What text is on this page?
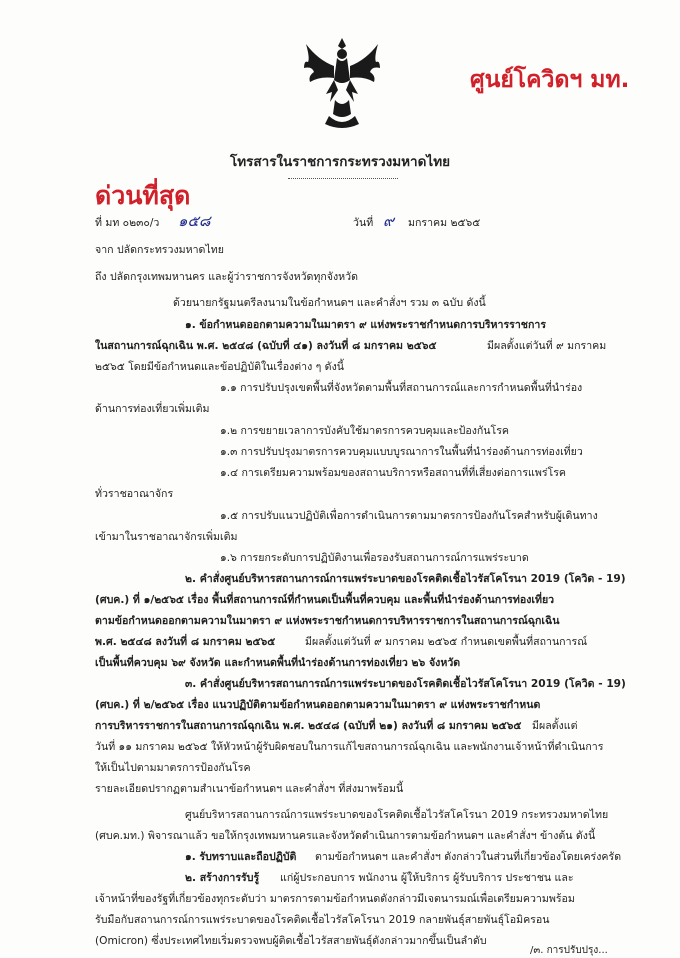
ศูนย์โควิดฯ มท.
โทรสารในราชการกระทรวงมหาดไทย
ด่วนที่สุด
ที่ มท ๐๒๓๐/ว ๑๕๘	วันที่ ๙ มกราคม ๒๕๖๕
จาก ปลัดกระทรวงมหาดไทย
ถึง ปลัดกรุงเทพมหานคร และผู้ว่าราชการจังหวัดทุกจังหวัด
ด้วยนายกรัฐมนตรีลงนามในข้อกำหนดฯ และคำสั่งฯ รวม ๓ ฉบับ ดังนี้
๑. ข้อกำหนดออกตามความในมาตรา ๙ แห่งพระราชกำหนดการบริหารราชการ
ในสถานการณ์ฉุกเฉิน พ.ศ. ๒๕๔๘ (ฉบับที่ ๔๑) ลงวันที่ ๘ มกราคม ๒๕๖๕	มีผลตั้งแต่วันที่ ๙ มกราคม
๒๕๖๕ โดยมีข้อกำหนดและข้อปฏิบัติในเรื่องต่าง ๆ ดังนี้
๑.๑ การปรับปรุงเขตพื้นที่จังหวัดตามพื้นที่สถานการณ์และการกำหนดพื้นที่นำร่อง
ด้านการท่องเที่ยวเพิ่มเติม
๑.๒ การขยายเวลาการบังคับใช้มาตรการควบคุมและป้องกันโรค
๑.๓ การปรับปรุงมาตรการควบคุมแบบบูรณาการในพื้นที่นำร่องด้านการท่องเที่ยว
๑.๔ การเตรียมความพร้อมของสถานบริการหรือสถานที่ที่เสี่ยงต่อการแพร่โรค
ทั่วราชอาณาจักร
๑.๕ การปรับแนวปฏิบัติเพื่อการดำเนินการตามมาตรการป้องกันโรคสำหรับผู้เดินทาง
เข้ามาในราชอาณาจักรเพิ่มเติม
๑.๖ การยกระดับการปฏิบัติงานเพื่อรองรับสถานการณ์การแพร่ระบาด
๒. คำสั่งศูนย์บริหารสถานการณ์การแพร่ระบาดของโรคติดเชื้อไวรัสโคโรนา 2019 (โควิด - 19)
(ศบค.) ที่ ๑/๒๕๖๕ เรื่อง พื้นที่สถานการณ์ที่กำหนดเป็นพื้นที่ควบคุม และพื้นที่นำร่องด้านการท่องเที่ยว
ตามข้อกำหนดออกตามความในมาตรา ๙ แห่งพระราชกำหนดการบริหารราชการในสถานการณ์ฉุกเฉิน
พ.ศ. ๒๕๔๘ ลงวันที่ ๘ มกราคม ๒๕๖๕	มีผลตั้งแต่วันที่ ๙ มกราคม ๒๕๖๕ กำหนดเขตพื้นที่สถานการณ์
เป็นพื้นที่ควบคุม ๖๙ จังหวัด และกำหนดพื้นที่นำร่องด้านการท่องเที่ยว ๒๖ จังหวัด
๓. คำสั่งศูนย์บริหารสถานการณ์การแพร่ระบาดของโรคติดเชื้อไวรัสโคโรนา 2019 (โควิด - 19)
(ศบค.) ที่ ๒/๒๕๖๕ เรื่อง แนวปฏิบัติตามข้อกำหนดออกตามความในมาตรา ๙ แห่งพระราชกำหนด
การบริหารราชการในสถานการณ์ฉุกเฉิน พ.ศ. ๒๕๔๘ (ฉบับที่ ๒๑) ลงวันที่ ๘ มกราคม ๒๕๖๕ มีผลตั้งแต่
วันที่ ๑๑ มกราคม ๒๕๖๕ ให้หัวหน้าผู้รับผิดชอบในการแก้ไขสถานการณ์ฉุกเฉิน และพนักงานเจ้าหน้าที่ดำเนินการ
ให้เป็นไปตามมาตรการป้องกันโรค
รายละเอียดปรากฏตามสำเนาข้อกำหนดฯ และคำสั่งฯ ที่ส่งมาพร้อมนี้
ศูนย์บริหารสถานการณ์การแพร่ระบาดของโรคติดเชื้อไวรัสโคโรนา 2019 กระทรวงมหาดไทย
(ศบค.มท.) พิจารณาแล้ว ขอให้กรุงเทพมหานครและจังหวัดดำเนินการตามข้อกำหนดฯ และคำสั่งฯ ข้างต้น ดังนี้
๑. รับทราบและถือปฏิบัติ ตามข้อกำหนดฯ และคำสั่งฯ ดังกล่าวในส่วนที่เกี่ยวข้องโดยเคร่งครัด
๒. สร้างการรับรู้ แก่ผู้ประกอบการ พนักงาน ผู้ให้บริการ ผู้รับบริการ ประชาชน และ
เจ้าหน้าที่ของรัฐที่เกี่ยวข้องทุกระดับว่า มาตรการตามข้อกำหนดดังกล่าวมีเจตนารมณ์เพื่อเตรียมความพร้อม
รับมือกับสถานการณ์การแพร่ระบาดของโรคติดเชื้อไวรัสโคโรนา 2019 กลายพันธุ์สายพันธุ์โอมิครอน
(Omicron) ซึ่งประเทศไทยเริ่มตรวจพบผู้ติดเชื้อไวรัสสายพันธุ์ดังกล่าวมากขึ้นเป็นลำดับ
/๓. การปรับปรุง...
